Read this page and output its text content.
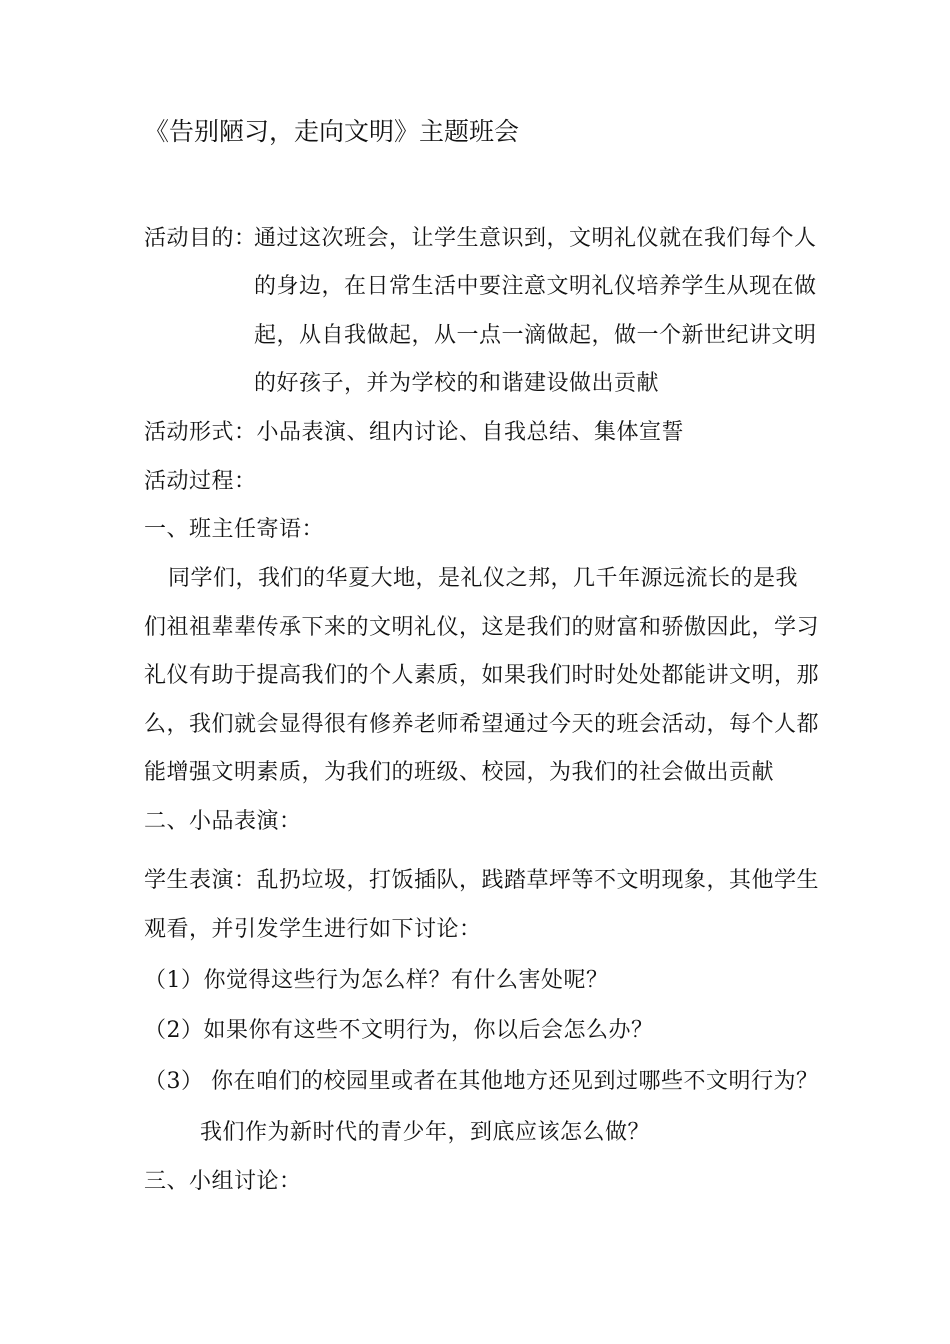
《告别陋习，走向文明》主题班会
活动目的：
通过这次班会，让学生意识到，文明礼仪就在我们每个人
的身边，在日常生活中要注意文明礼仪培养学生从现在做
起，从自我做起，从一点一滴做起，做一个新世纪讲文明
的好孩子，并为学校的和谐建设做出贡献
活动形式：小品表演、组内讨论、自我总结、集体宣誓
活动过程：
一、班主任寄语：
同学们，我们的华夏大地，是礼仪之邦，几千年源远流长的是我
们祖祖辈辈传承下来的文明礼仪，这是我们的财富和骄傲因此，学习
礼仪有助于提高我们的个人素质，如果我们时时处处都能讲文明，那
么，我们就会显得很有修养老师希望通过今天的班会活动，每个人都
能增强文明素质，为我们的班级、校园，为我们的社会做出贡献
二、小品表演：
学生表演：乱扔垃圾，打饭插队，践踏草坪等不文明现象，其他学生
观看，并引发学生进行如下讨论：
（1）你觉得这些行为怎么样？有什么害处呢？
（2）如果你有这些不文明行为，你以后会怎么办？
（3） 你在咱们的校园里或者在其他地方还见到过哪些不文明行为？
我们作为新时代的青少年，到底应该怎么做？
三、小组讨论：
